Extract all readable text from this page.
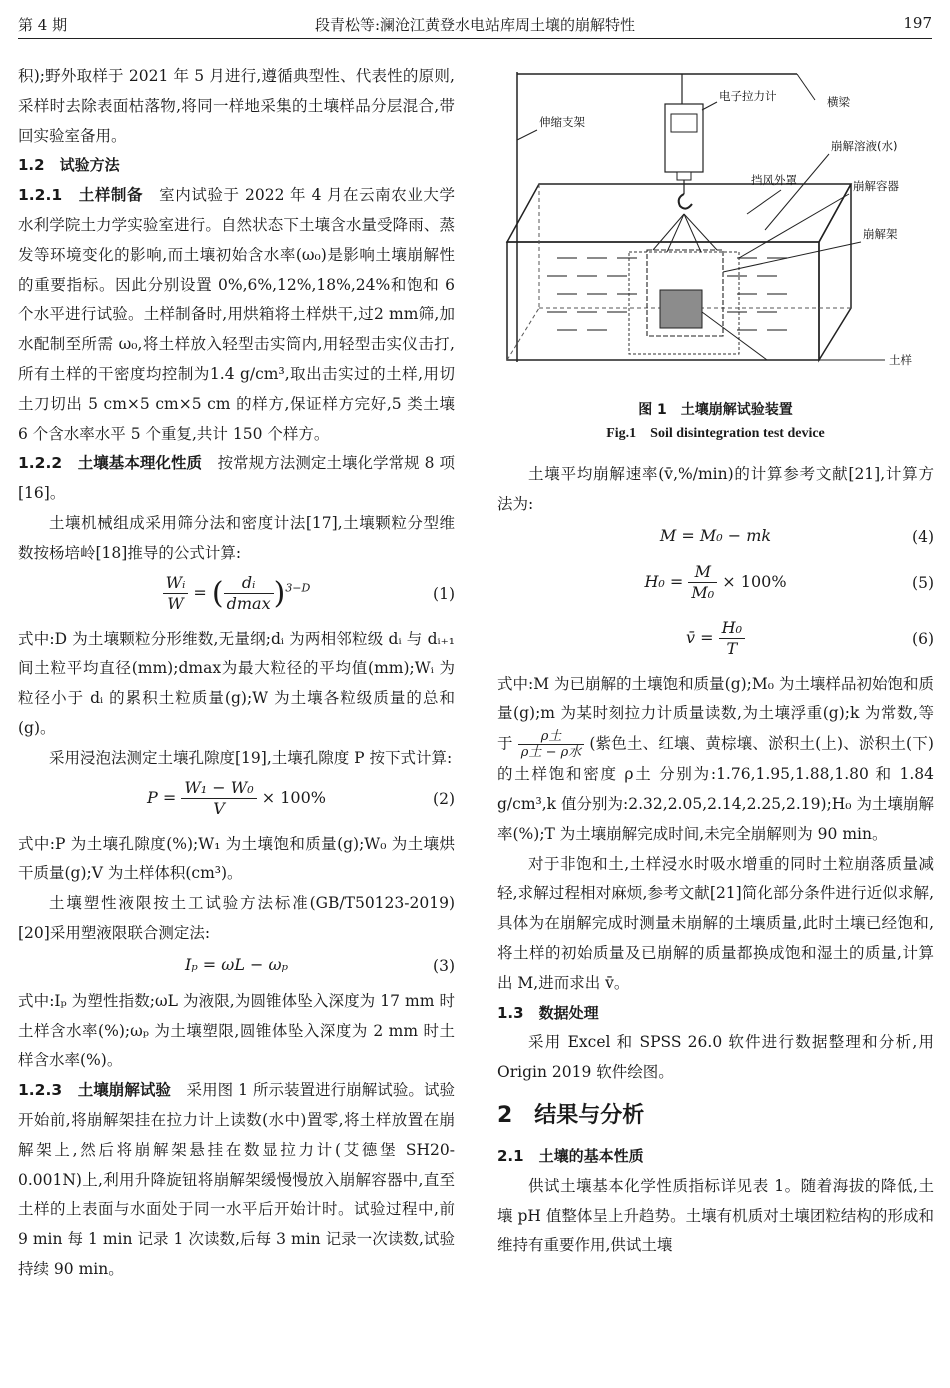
第 4 期	段青松等:澜沧江黄登水电站库周土壤的崩解特性	197

积);野外取样于 2021 年 5 月进行,遵循典型性、代表性的原则,采样时去除表面枯落物,将同一样地采集的土壤样品分层混合,带回实验室备用。

1.2　试验方法

1.2.1　土样制备　 室内试验于 2022 年 4 月在云南农业大学水利学院土力学实验室进行。自然状态下土壤含水量受降雨、蒸发等环境变化的影响,而土壤初始含水率(ω₀)是影响土壤崩解性的重要指标。因此分别设置 0%,6%,12%,18%,24%和饱和 6 个水平进行试验。土样制备时,用烘箱将土样烘干,过2 mm筛,加水配制至所需 ω₀,将土样放入轻型击实筒内,用轻型击实仪击打,所有土样的干密度均控制为1.4 g/cm³,取出击实过的土样,用切土刀切出 5 cm×5 cm×5 cm 的样方,保证样方完好,5 类土壤 6 个含水率水平 5 个重复,共计 150 个样方。

1.2.2　土壤基本理化性质　 按常规方法测定土壤化学常规 8 项[16]。

土壤机械组成采用筛分法和密度计法[17],土壤颗粒分型维数按杨培岭[18]推导的公式计算:

$\frac{\text{Wᵢ}}{W}$ = ( $\frac{\text{dᵢ}}{dmax} )^{3-D}$	(1)

式中:D 为土壤颗粒分形维数,无量纲;dᵢ 为两相邻粒级 dᵢ 与 dᵢ₊₁ 间土粒平均直径(mm);dmax为最大粒径的平均值(mm);Wᵢ 为粒径小于 dᵢ 的累积土粒质量(g);W 为土壤各粒级质量的总和(g)。

采用浸泡法测定土壤孔隙度[19],土壤孔隙度 P 按下式计算:

$P = \frac{\text{W₁ − W₀}}{V} \times 100\%$	(2)

式中:P 为土壤孔隙度(%);W₁ 为土壤饱和质量(g);W₀ 为土壤烘干质量(g);V 为土样体积(cm³)。

土壤塑性液限按土工试验方法标准(GB/T50123-2019)[20]采用塑液限联合测定法:

Iₚ = ωL − ωₚ	(3)

式中:Iₚ 为塑性指数;ωL 为液限,为圆锥体坠入深度为 17 mm 时土样含水率(%);ωₚ 为土壤塑限,圆锥体坠入深度为 2 mm 时土样含水率(%)。

1.2.3　土壤崩解试验　 采用图 1 所示装置进行崩解试验。试验开始前,将崩解架挂在拉力计上读数(水中)置零,将土样放置在崩解架上,然后将崩解架悬挂在数显拉力计(艾德堡 SH20-0.001N)上,利用升降旋钮将崩解架缓慢慢放入崩解容器中,直至土样的上表面与水面处于同一水平后开始计时。试验过程中,前 9 min 每 1 min 记录 1 次读数,后每 3 min 记录一次读数,试验持续 90 min。

电子拉力计	横梁
伸缩支架
挡风外罩
崩解溶液(水)
崩解容器
崩解架
土样
图 1　土壤崩解试验装置
Fig.1　Soil disintegration test device

土壤平均崩解速率(v̄,%/min)的计算参考文献[21],计算方法为:

M = M₀ − mk	(4)
$H_0 = \frac{M}{\text{M₀}} \times 100\%$	(5)
v̄ = $\frac{\text{H₀}}{T}$	(6)

式中:M 为已崩解的土壤饱和质量(g);M₀ 为土壤样品初始饱和质量(g);m 为某时刻拉力计质量读数,为土壤浮重(g);k 为常数,等于 $\frac{\text{ρ土}}{\text{ρ土 − ρ水}}$ (紫色土、红壤、黄棕壤、淤积土(上)、淤积土(下)的土样饱和密度 ρ土 分别为:1.76,1.95,1.88,1.80 和 1.84 g/cm³,k 值分别为:2.32,2.05,2.14,2.25,2.19);H₀ 为土壤崩解率(%);T 为土壤崩解完成时间,未完全崩解则为 90 min。

对于非饱和土,土样浸水时吸水增重的同时土粒崩落质量减轻,求解过程相对麻烦,参考文献[21]简化部分条件进行近似求解,具体为在崩解完成时测量未崩解的土壤质量,此时土壤已经饱和,将土样的初始质量及已崩解的质量都换成饱和湿土的质量,计算出 M,进而求出 v̄。

1.3　数据处理

采用 Excel 和 SPSS 26.0 软件进行数据整理和分析,用 Origin 2019 软件绘图。

2　结果与分析
2.1　土壤的基本性质

供试土壤基本化学性质指标详见表 1。随着海拔的降低,土壤 pH 值整体呈上升趋势。土壤有机质对土壤团粒结构的形成和维持有重要作用,供试土壤
